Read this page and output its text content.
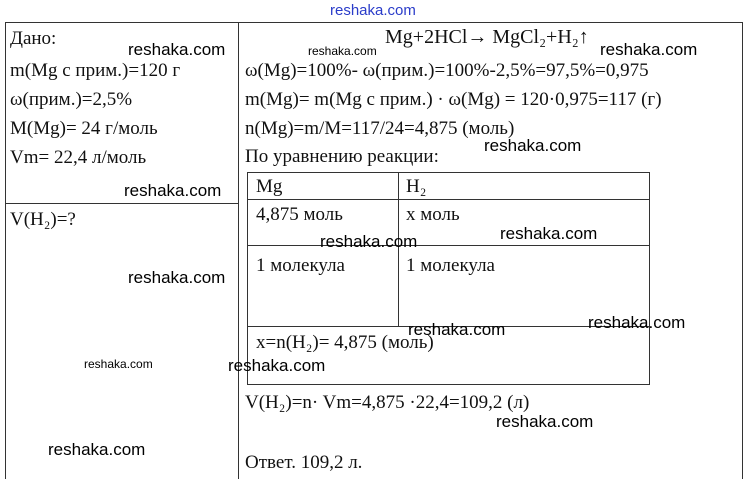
reshaka.com
Дано:
m(Mg с прим.)=120 г
ω(прим.)=2,5%
M(Mg)= 24 г/моль
Vm= 22,4 л/моль
V(H₂)=?
Mg+2HCl→ MgCl₂+H₂↑
ω(Mg)=100%- ω(прим.)=100%-2,5%=97,5%=0,975
m(Mg)= m(Mg с прим.) · ω(Mg) = 120·0,975=117 (г)
n(Mg)=m/M=117/24=4,875 (моль)
По уравнению реакции:
Mg	H₂
4,875 моль	x моль
1 молекула	1 молекула
x=n(H₂)= 4,875 (моль)
V(H₂)=n· Vm=4,875 ·22,4=109,2 (л)
Ответ. 109,2 л.
reshaka.com	reshaka.com	reshaka.com
reshaka.com
reshaka.com
reshaka.com
reshaka.com
reshaka.com
reshaka.com
reshaka.com
reshaka.com	reshaka.com
reshaka.com
reshaka.com
